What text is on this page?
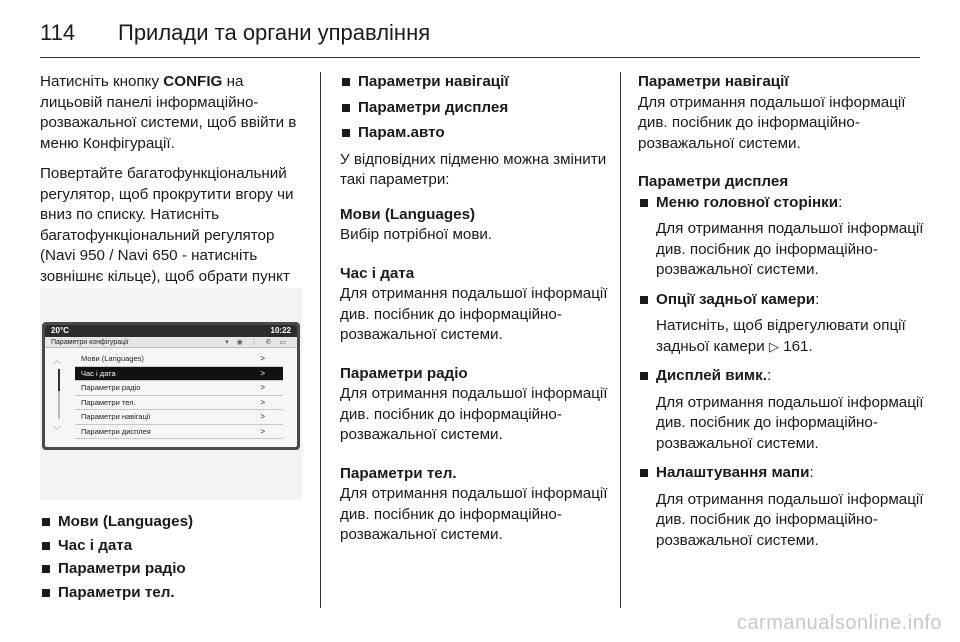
114 Прилади та органи управління

Натисніть кнопку CONFIG на лицьовій панелі інформаційно-розважальної системи, щоб ввійти в меню Конфігурації.

Повертайте багатофункціональний регулятор, щоб прокрутити вгору чи вниз по списку. Натисніть багатофункціональний регулятор (Navi 950 / Navi 650 - натисніть зовнішнє кільце), щоб обрати пункт

20°C	10:22
Параметри конфігурації	▾ ◉ ⋮ ✆ ▭
︿
﹀
Мови (Languages)	>
Час і дата	>
Параметри радіо	>
Параметри тел.	>
Параметри навігації	>
Параметри дисплея	>
Мови (Languages)
Час і дата
Параметри радіо
Параметри тел.
Параметри навігації
Параметри дисплея
Парам.авто

У відповідних підменю можна змінити такі параметри:

Мови (Languages)
Вибір потрібної мови.
Час і дата
Для отримання подальшої інформації див. посібник до інформаційно-розважальної системи.
Параметри радіо
Для отримання подальшої інформації див. посібник до інформаційно-розважальної системи.
Параметри тел.
Для отримання подальшої інформації див. посібник до інформаційно-розважальної системи.
Параметри навігації
Для отримання подальшої інформації див. посібник до інформаційно-розважальної системи.
Параметри дисплея
Меню головної сторінки:
Для отримання подальшої інформації див. посібник до інформаційно-розважальної системи.
Опції задньої камери:
Натисніть, щоб відрегулювати опції задньої камери ▷ 161.
Дисплей вимк.:
Для отримання подальшої інформації див. посібник до інформаційно-розважальної системи.
Налаштування мапи:
Для отримання подальшої інформації див. посібник до інформаційно-розважальної системи.
carmanualsonline.info
